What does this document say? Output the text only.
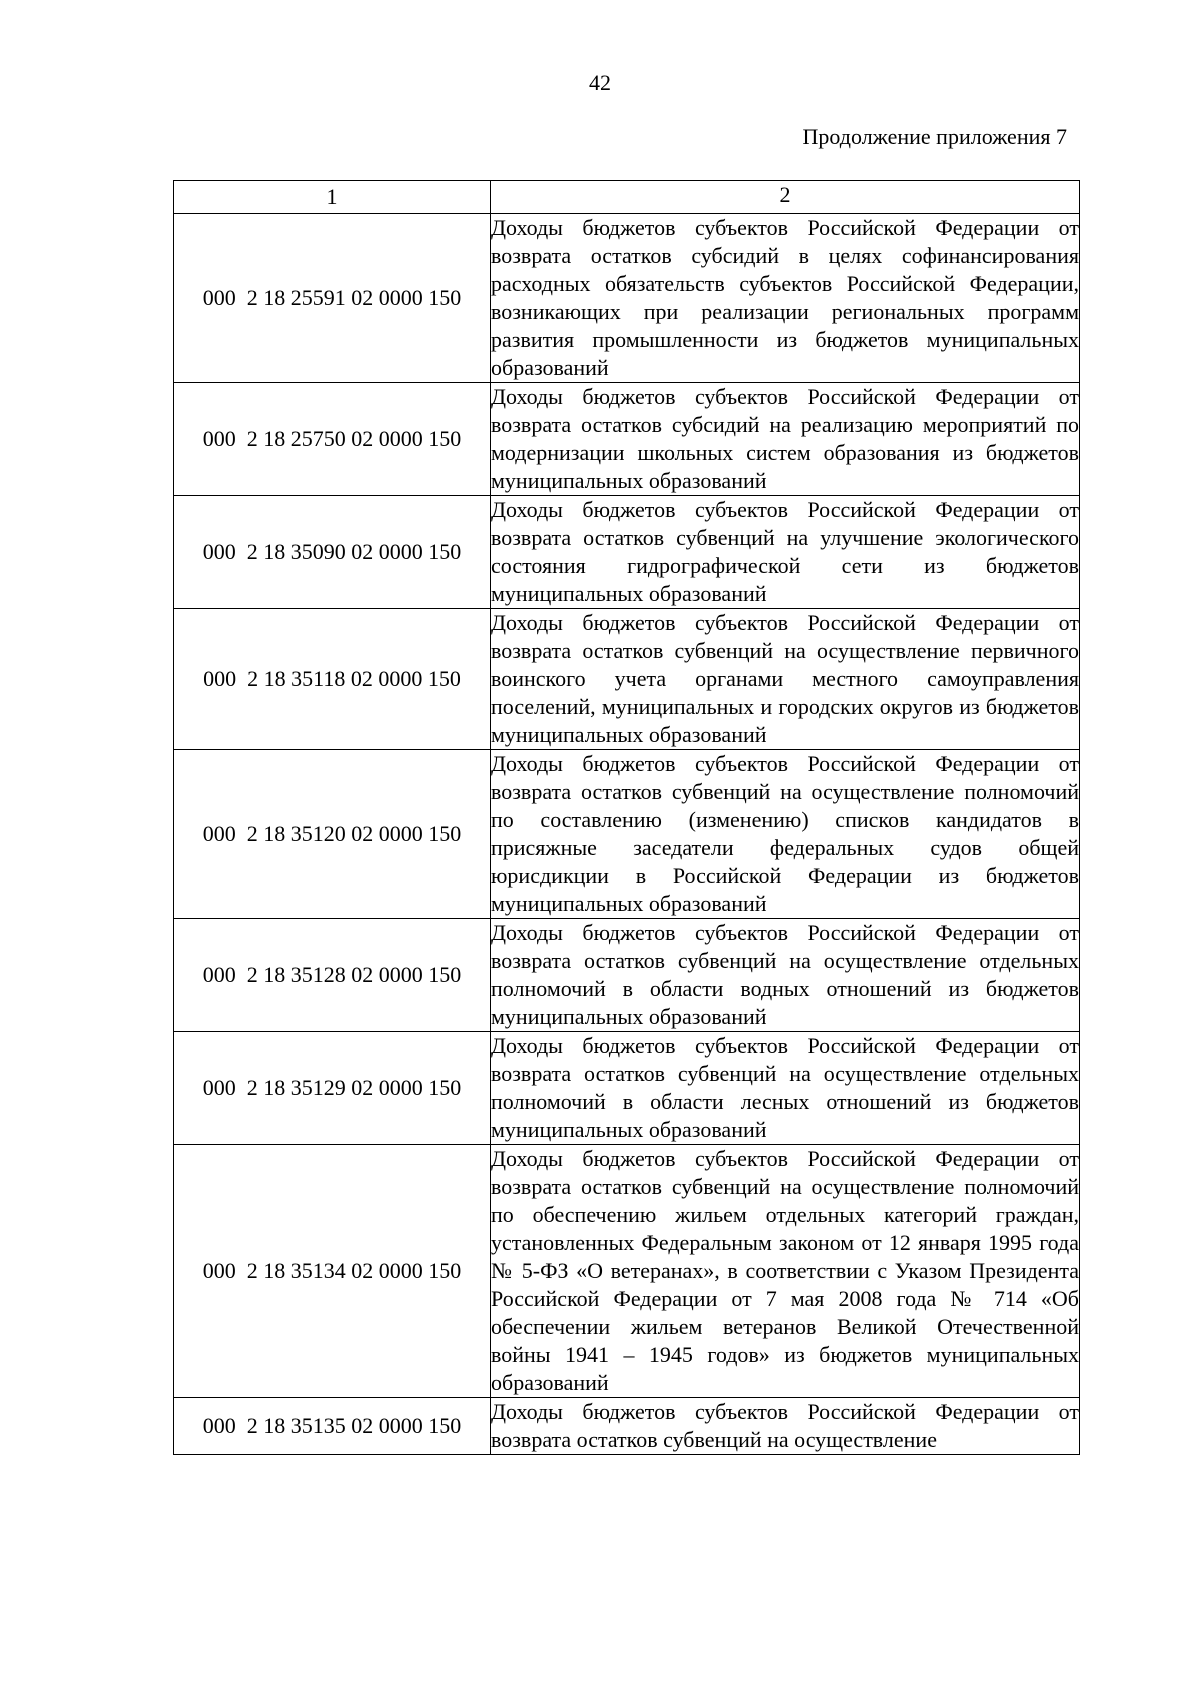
42
Продолжение приложения 7
1	2
000  2 18 25591 02 0000 150	Доходы бюджетов субъектов Российской Федерации от возврата остатков субсидий в целях софинансирования расходных обязательств субъектов Российской Федерации, возникающих при реализации региональных программ развития промышленности из бюджетов муниципальных образований
000  2 18 25750 02 0000 150	Доходы бюджетов субъектов Российской Федерации от возврата остатков субсидий на реализацию мероприятий по модернизации школьных систем образования из бюджетов муниципальных образований
000  2 18 35090 02 0000 150	Доходы бюджетов субъектов Российской Федерации от возврата остатков субвенций на улучшение экологического состояния гидрографической сети из бюджетов муниципальных образований
000  2 18 35118 02 0000 150	Доходы бюджетов субъектов Российской Федерации от возврата остатков субвенций на осуществление первичного воинского учета органами местного самоуправления поселений, муниципальных и городских округов из бюджетов муниципальных образований
000  2 18 35120 02 0000 150	Доходы бюджетов субъектов Российской Федерации от возврата остатков субвенций на осуществление полномочий по составлению (изменению) списков кандидатов в присяжные заседатели федеральных судов общей юрисдикции в Российской Федерации из бюджетов муниципальных образований
000  2 18 35128 02 0000 150	Доходы бюджетов субъектов Российской Федерации от возврата остатков субвенций на осуществление отдельных полномочий в области водных отношений из бюджетов муниципальных образований
000  2 18 35129 02 0000 150	Доходы бюджетов субъектов Российской Федерации от возврата остатков субвенций на осуществление отдельных полномочий в области лесных отношений из бюджетов муниципальных образований
000  2 18 35134 02 0000 150	Доходы бюджетов субъектов Российской Федерации от возврата остатков субвенций на осуществление полномочий по обеспечению жильем отдельных категорий граждан, установленных Федеральным законом от 12 января 1995 года № 5-ФЗ «О ветеранах», в соответствии с Указом Президента Российской Федерации от 7 мая 2008 года № 714 «Об обеспечении жильем ветеранов Великой Отечественной войны 1941 – 1945 годов» из бюджетов муниципальных образований
000  2 18 35135 02 0000 150	Доходы бюджетов субъектов Российской Федерации от возврата остатков субвенций на осуществление
